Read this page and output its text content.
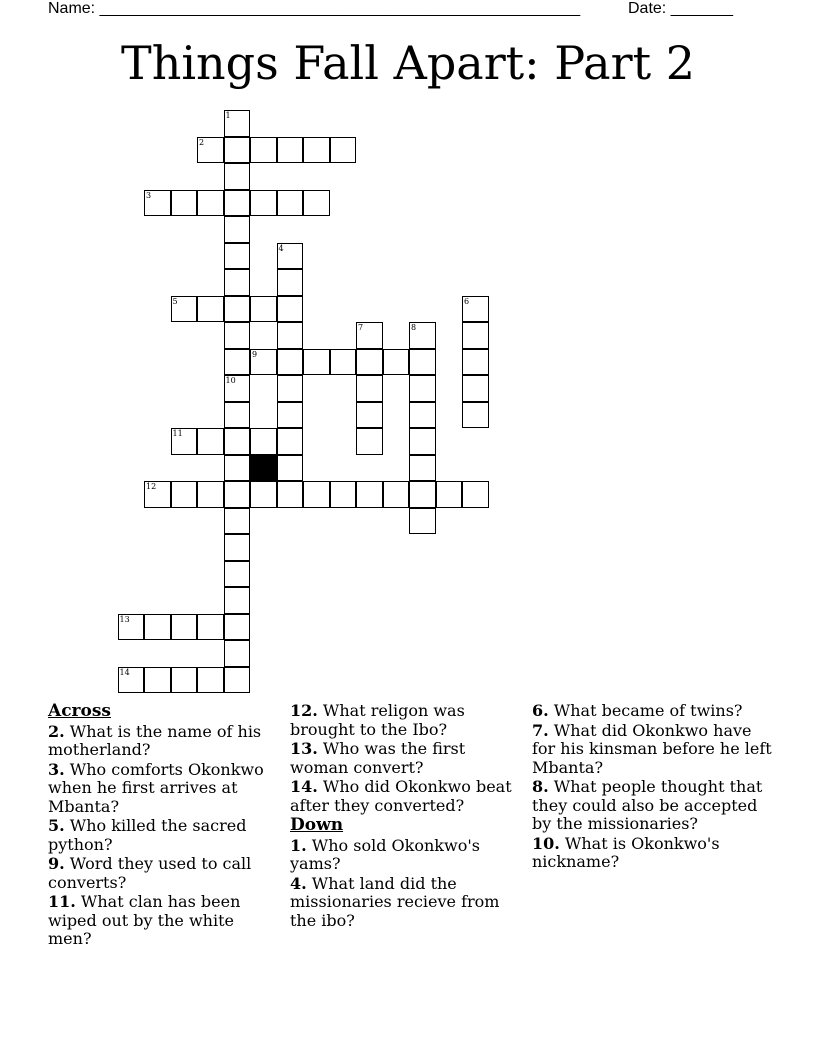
Name: ______________________________________________________	Date: _______
Things Fall Apart: Part 2
2
3
5
9
11
12
13
14
1
4
6
7	8
10
Across
2. What is the name of his motherland?
3. Who comforts Okonkwo when he first arrives at Mbanta?
5. Who killed the sacred python?
9. Word they used to call converts?
11. What clan has been wiped out by the white men?
12. What religon was brought to the Ibo?
13. Who was the first woman convert?
14. Who did Okonkwo beat after they converted?
Down
1. Who sold Okonkwo's yams?
4. What land did the missionaries recieve from the ibo?
6. What became of twins?
7. What did Okonkwo have for his kinsman before he left Mbanta?
8. What people thought that they could also be accepted by the missionaries?
10. What is Okonkwo's nickname?
